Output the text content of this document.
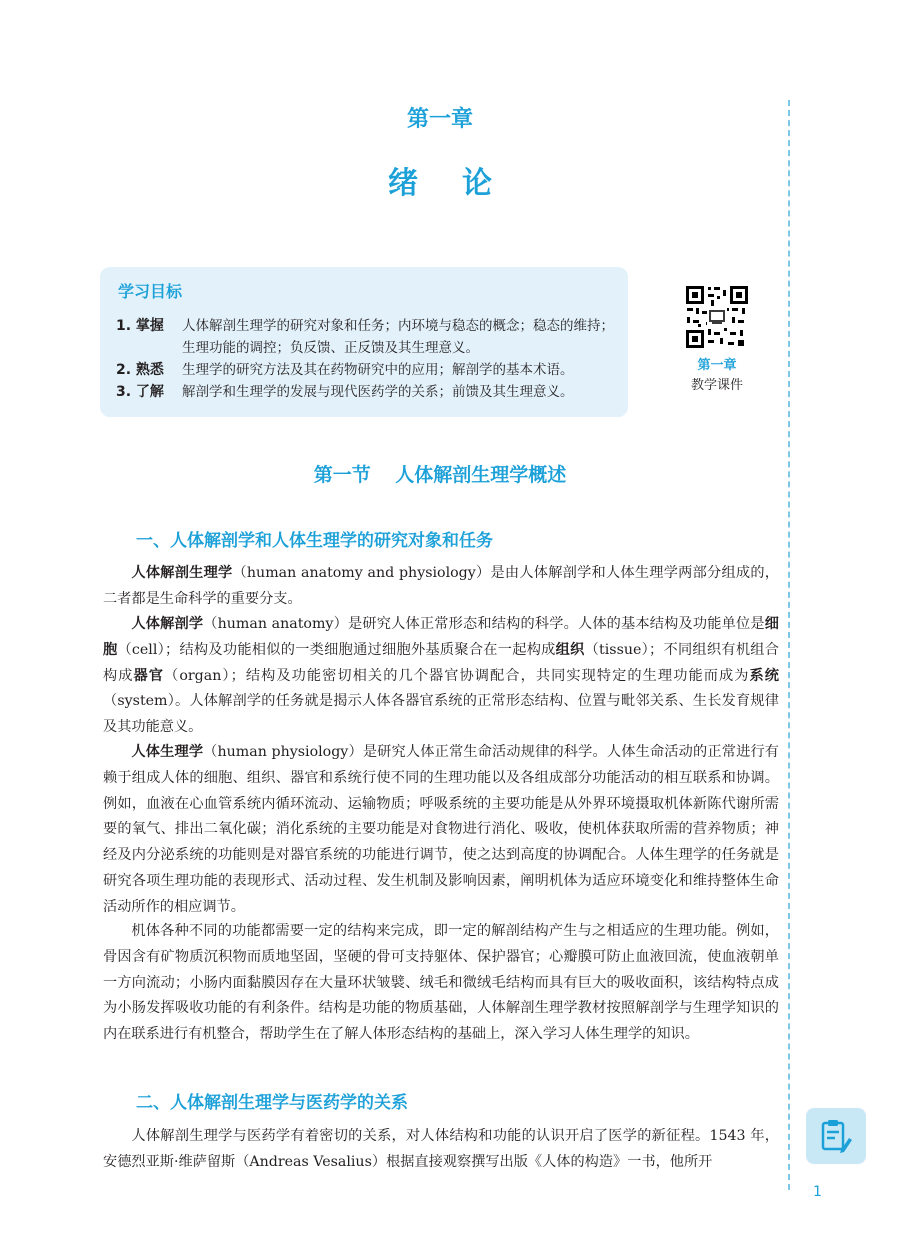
第一章
绪论
学习目标
1. 掌握	人体解剖生理学的研究对象和任务；内环境与稳态的概念；稳态的维持；生理功能的调控；负反馈、正反馈及其生理意义。
2. 熟悉	生理学的研究方法及其在药物研究中的应用；解剖学的基本术语。
3. 了解	解剖学和生理学的发展与现代医药学的关系；前馈及其生理意义。
第一章
教学课件
第一节 人体解剖生理学概述
一、人体解剖学和人体生理学的研究对象和任务
人体解剖生理学（human anatomy and physiology）是由人体解剖学和人体生理学两部分组成的，二者都是生命科学的重要分支。
人体解剖学（human anatomy）是研究人体正常形态和结构的科学。人体的基本结构及功能单位是细胞（cell）；结构及功能相似的一类细胞通过细胞外基质聚合在一起构成组织（tissue）；不同组织有机组合构成器官（organ）；结构及功能密切相关的几个器官协调配合，共同实现特定的生理功能而成为系统（system）。人体解剖学的任务就是揭示人体各器官系统的正常形态结构、位置与毗邻关系、生长发育规律及其功能意义。
人体生理学（human physiology）是研究人体正常生命活动规律的科学。人体生命活动的正常进行有赖于组成人体的细胞、组织、器官和系统行使不同的生理功能以及各组成部分功能活动的相互联系和协调。例如，血液在心血管系统内循环流动、运输物质；呼吸系统的主要功能是从外界环境摄取机体新陈代谢所需要的氧气、排出二氧化碳；消化系统的主要功能是对食物进行消化、吸收，使机体获取所需的营养物质；神经及内分泌系统的功能则是对器官系统的功能进行调节，使之达到高度的协调配合。人体生理学的任务就是研究各项生理功能的表现形式、活动过程、发生机制及影响因素，阐明机体为适应环境变化和维持整体生命活动所作的相应调节。
机体各种不同的功能都需要一定的结构来完成，即一定的解剖结构产生与之相适应的生理功能。例如，骨因含有矿物质沉积物而质地坚固，坚硬的骨可支持躯体、保护器官；心瓣膜可防止血液回流，使血液朝单一方向流动；小肠内面黏膜因存在大量环状皱襞、绒毛和微绒毛结构而具有巨大的吸收面积，该结构特点成为小肠发挥吸收功能的有利条件。结构是功能的物质基础，人体解剖生理学教材按照解剖学与生理学知识的内在联系进行有机整合，帮助学生在了解人体形态结构的基础上，深入学习人体生理学的知识。
二、人体解剖生理学与医药学的关系
人体解剖生理学与医药学有着密切的关系，对人体结构和功能的认识开启了医学的新征程。1543 年，安德烈亚斯·维萨留斯（Andreas Vesalius）根据直接观察撰写出版《人体的构造》一书，他所开
1
